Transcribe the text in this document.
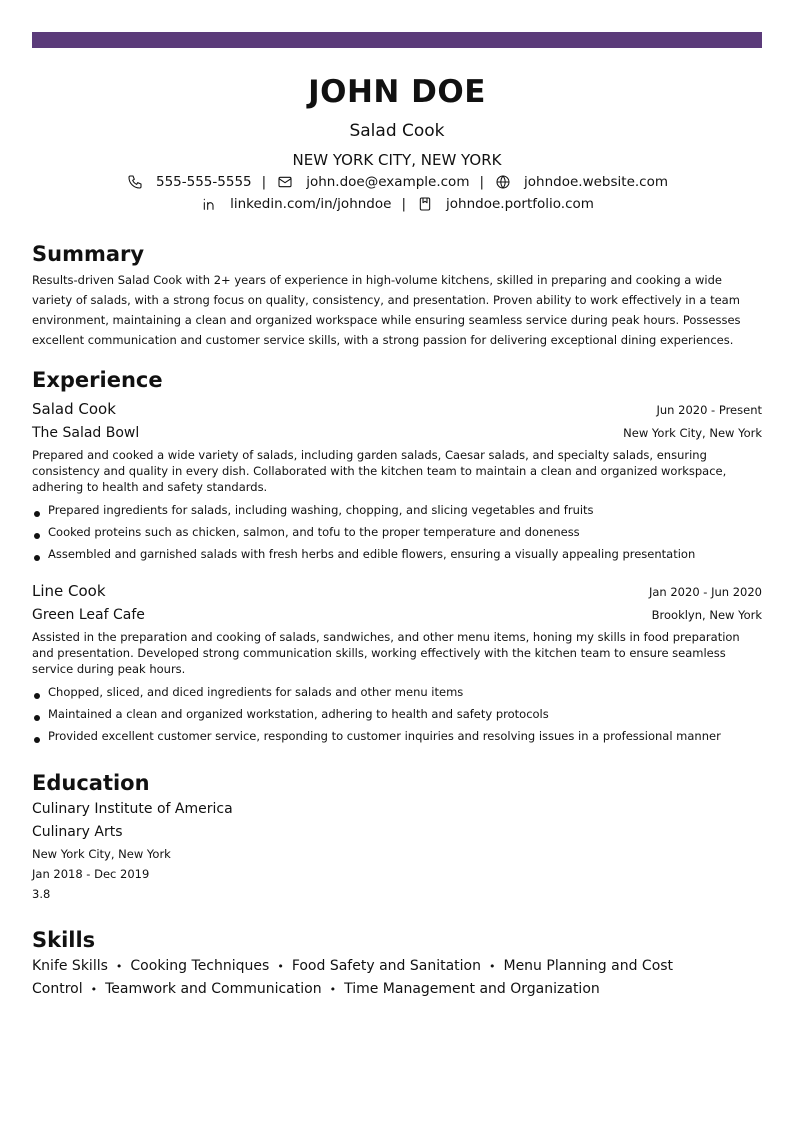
JOHN DOE
Salad Cook
NEW YORK CITY, NEW YORK
555-555-5555 |	john.doe@example.com |	johndoe.website.com
linkedin.com/in/johndoe |	johndoe.portfolio.com
Summary
Results-driven Salad Cook with 2+ years of experience in high-volume kitchens, skilled in preparing and cooking a wide variety of salads, with a strong focus on quality, consistency, and presentation. Proven ability to work effectively in a team environment, maintaining a clean and organized workspace while ensuring seamless service during peak hours. Possesses excellent communication and customer service skills, with a strong passion for delivering exceptional dining experiences.
Experience
Salad Cook	Jun 2020 - Present
The Salad Bowl	New York City, New York
Prepared and cooked a wide variety of salads, including garden salads, Caesar salads, and specialty salads, ensuring consistency and quality in every dish. Collaborated with the kitchen team to maintain a clean and organized workspace, adhering to health and safety standards.
Prepared ingredients for salads, including washing, chopping, and slicing vegetables and fruits
Cooked proteins such as chicken, salmon, and tofu to the proper temperature and doneness
Assembled and garnished salads with fresh herbs and edible flowers, ensuring a visually appealing presentation
Line Cook	Jan 2020 - Jun 2020
Green Leaf Cafe	Brooklyn, New York
Assisted in the preparation and cooking of salads, sandwiches, and other menu items, honing my skills in food preparation and presentation. Developed strong communication skills, working effectively with the kitchen team to ensure seamless service during peak hours.
Chopped, sliced, and diced ingredients for salads and other menu items
Maintained a clean and organized workstation, adhering to health and safety protocols
Provided excellent customer service, responding to customer inquiries and resolving issues in a professional manner
Education
Culinary Institute of America
Culinary Arts
New York City, New York
Jan 2018 - Dec 2019
3.8
Skills
Knife Skills • Cooking Techniques • Food Safety and Sanitation • Menu Planning and Cost Control • Teamwork and Communication • Time Management and Organization
